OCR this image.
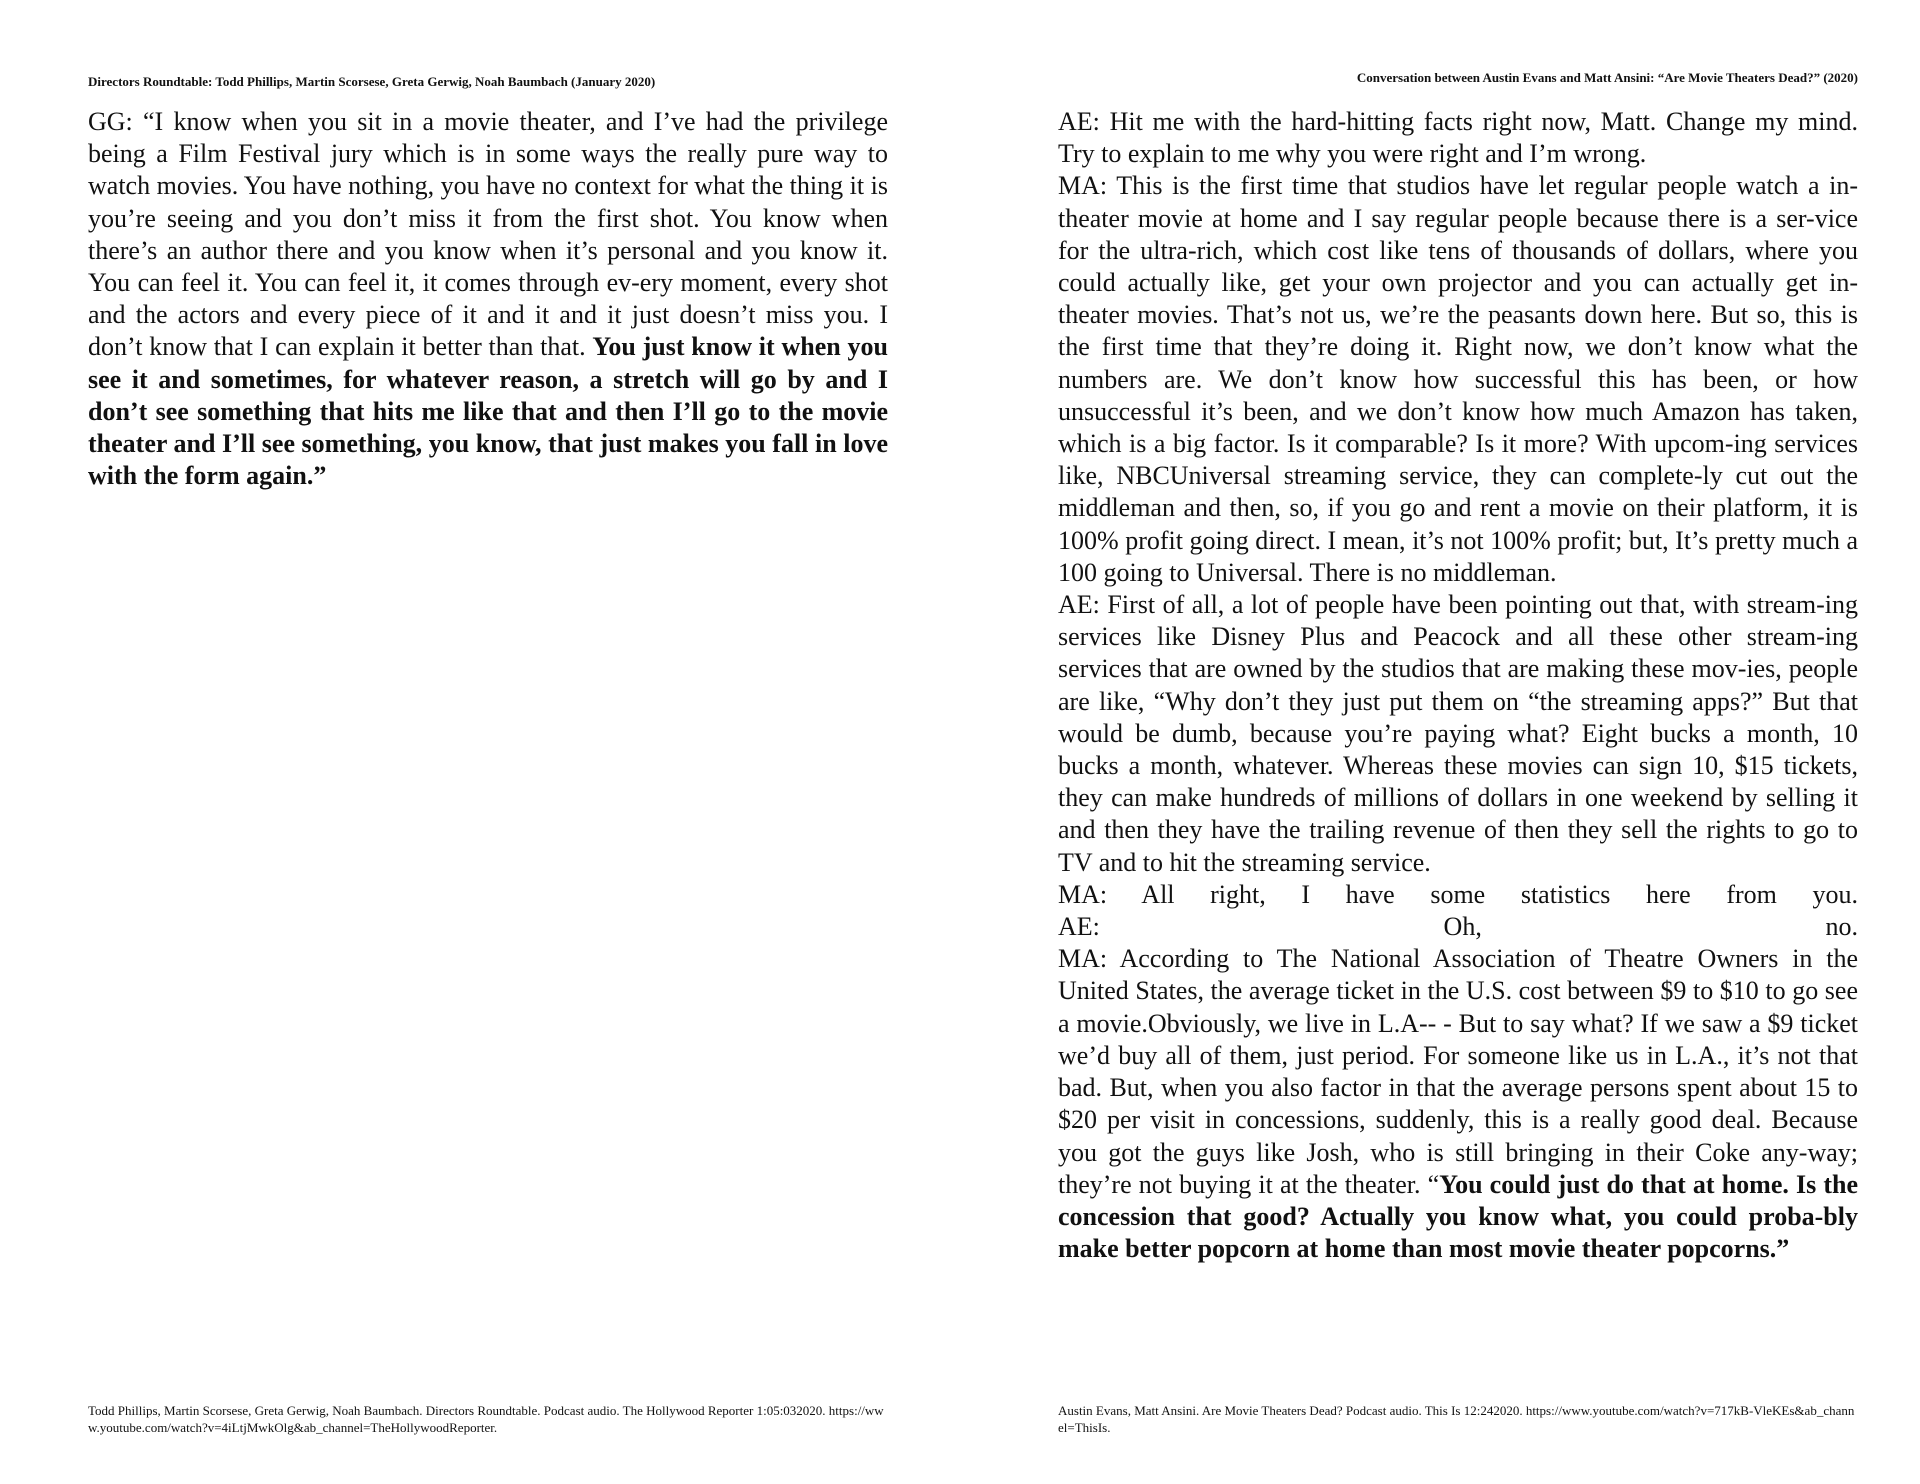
Directors Roundtable: Todd Phillips, Martin Scorsese, Greta Gerwig, Noah Baumbach (January 2020)

GG: “I know when you sit in a movie theater, and I’ve had the privilege being a Film Festival jury which is in some ways the really pure way to watch movies. You have nothing, you have no context for what the thing it is you’re seeing and you don’t miss it from the first shot. You know when there’s an author there and you know when it’s personal and you know it. You can feel it. You can feel it, it comes through ev-ery moment, every shot and the actors and every piece of it and it and it just doesn’t miss you. I don’t know that I can explain it better than that. You just know it when you see it and sometimes, for whatever reason, a stretch will go by and I don’t see something that hits me like that and then I’ll go to the movie theater and I’ll see something, you know, that just makes you fall in love with the form again.”

Todd Phillips, Martin Scorsese, Greta Gerwig, Noah Baumbach. Directors Roundtable. Podcast audio. The Hollywood Reporter 1:05:032020. https://www.youtube.com/watch?v=4iLtjMwkOlg&ab_channel=TheHollywoodReporter.
Conversation between Austin Evans and Matt Ansini: “Are Movie Theaters Dead?” (2020)

AE: Hit me with the hard-hitting facts right now, Matt. Change my mind. Try to explain to me why you were right and I’m wrong.

MA: This is the first time that studios have let regular people watch a in-theater movie at home and I say regular people because there is a ser-vice for the ultra-rich, which cost like tens of thousands of dollars, where you could actually like, get your own projector and you can actually get in-theater movies. That’s not us, we’re the peasants down here. But so, this is the first time that they’re doing it. Right now, we don’t know what the numbers are. We don’t know how successful this has been, or how unsuccessful it’s been, and we don’t know how much Amazon has taken, which is a big factor. Is it comparable? Is it more? With upcom-ing services like, NBCUniversal streaming service, they can complete-ly cut out the middleman and then, so, if you go and rent a movie on their platform, it is 100% profit going direct. I mean, it’s not 100% profit; but, It’s pretty much a 100 going to Universal. There is no middleman.

AE: First of all, a lot of people have been pointing out that, with stream-ing services like Disney Plus and Peacock and all these other stream-ing services that are owned by the studios that are making these mov-ies, people are like, “Why don’t they just put them on “the streaming apps?” But that would be dumb, because you’re paying what? Eight bucks a month, 10 bucks a month, whatever. Whereas these movies can sign 10, $15 tickets, they can make hundreds of millions of dollars in one weekend by selling it and then they have the trailing revenue of then they sell the rights to go to TV and to hit the streaming service.

MA: All right, I have some statistics here from you.

AE: Oh, no.

MA: According to The National Association of Theatre Owners in the United States, the average ticket in the U.S. cost between $9 to $10 to go see a movie.Obviously, we live in L.A-- - But to say what? If we saw a $9 ticket we’d buy all of them, just period. For someone like us in L.A., it’s not that bad. But, when you also factor in that the average persons spent about 15 to $20 per visit in concessions, suddenly, this is a really good deal. Because you got the guys like Josh, who is still bringing in their Coke any-way; they’re not buying it at the theater. “You could just do that at home. Is the concession that good? Actually you know what, you could proba-bly make better popcorn at home than most movie theater popcorns.”

Austin Evans, Matt Ansini. Are Movie Theaters Dead? Podcast audio. This Is 12:242020. https://www.youtube.com/watch?v=717kB-VleKEs&ab_channel=ThisIs.
